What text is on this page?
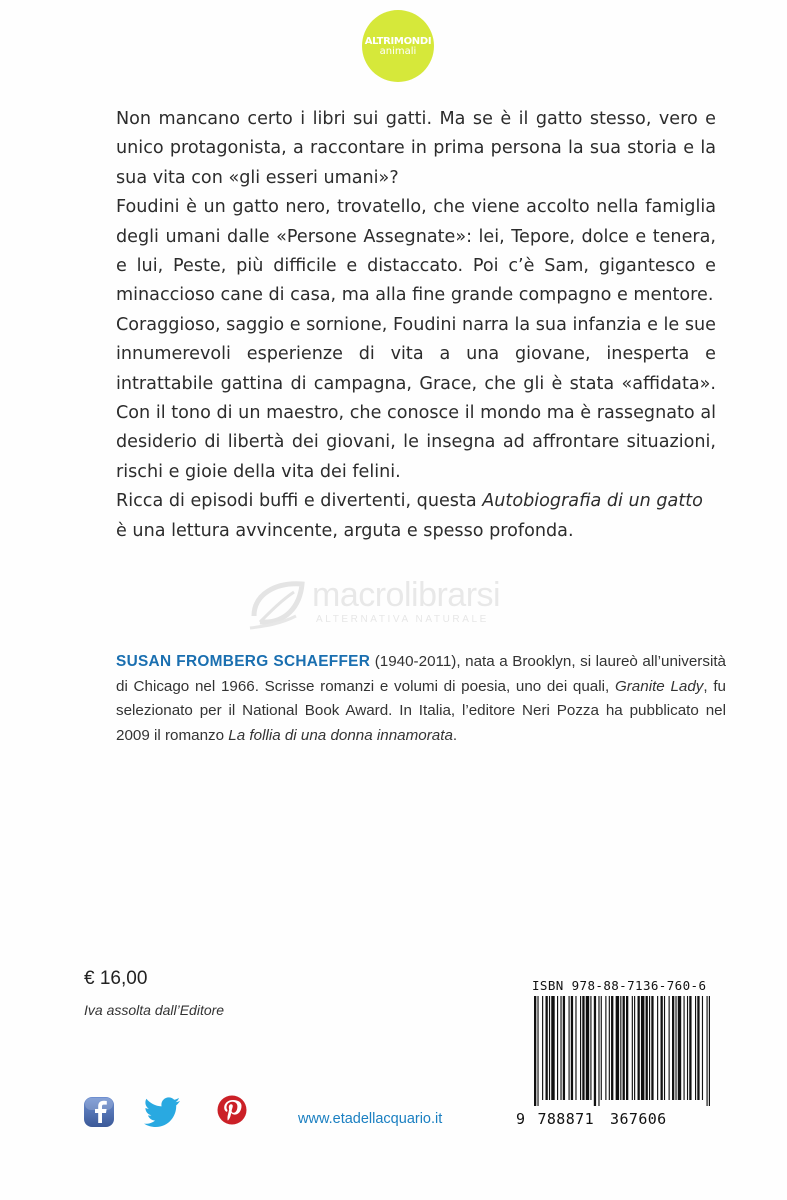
ALTRIMONDI
animali

Non mancano certo i libri sui gatti. Ma se è il gatto stesso, vero e unico protagonista, a raccontare in prima persona la sua storia e la sua vita con «gli esseri umani»?

Foudini è un gatto nero, trovatello, che viene accolto nella famiglia degli umani dalle «Persone Assegnate»: lei, Tepore, dolce e tenera, e lui, Peste, più difficile e distaccato. Poi c’è Sam, gigantesco e minaccioso cane di casa, ma alla fine grande compagno e mentore.

Coraggioso, saggio e sornione, Foudini narra la sua infanzia e le sue innumerevoli esperienze di vita a una giovane, inesperta e intrattabile gattina di campagna, Grace, che gli è stata «affidata». Con il tono di un maestro, che conosce il mondo ma è rassegnato al desiderio di libertà dei giovani, le insegna ad affrontare situazioni, rischi e gioie della vita dei felini.

Ricca di episodi buffi e divertenti, questa Autobiografia di un gatto è una lettura avvincente, arguta e spesso profonda.

macrolibrarsi
ALTERNATIVA NATURALE
SUSAN FROMBERG SCHAEFFER (1940-2011), nata a Brooklyn, si laureò all’università di Chicago nel 1966. Scrisse romanzi e volumi di poesia, uno dei quali, Granite Lady, fu selezionato per il National Book Award. In Italia, l’editore Neri Pozza ha pubblicato nel 2009 il romanzo La follia di una donna innamorata.
€ 16,00
Iva assolta dall’Editore
www.etadellacquario.it
ISBN 978-88-7136-760-6
9 788871 367606
